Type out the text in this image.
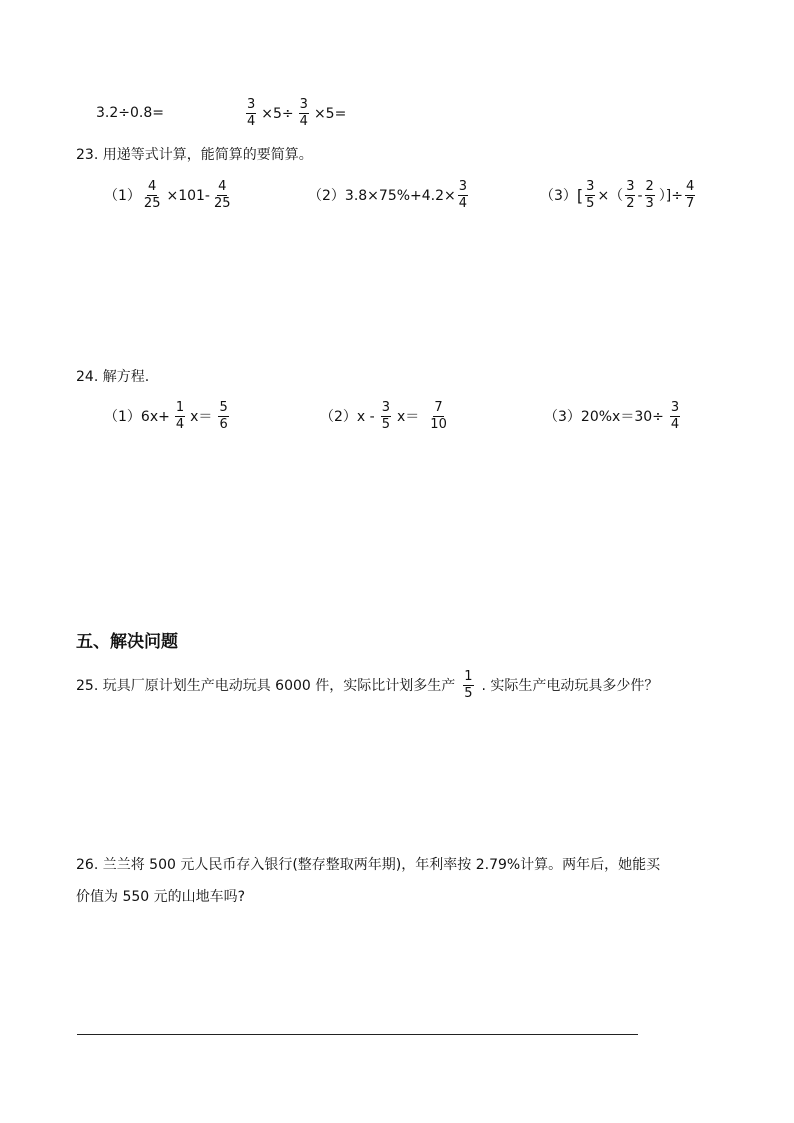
3.2÷0.8=	$\frac{3}{4} \times 5\div \frac{3}{4} \times 5=$
23. 用递等式计算，能简算的要简算。
$(1) \frac{4}{25} \times 101- \frac{4}{25}$	（2） $3.8\times 75\%+4.2\times \frac{3}{4}$	（3） [ $\frac{3}{5}$ ×（ $\frac{3}{2} - \frac{2}{3}$ ）]÷ $\frac{4}{7}$
24. 解方程.
（1） $6x+ \frac{1}{4} x= \frac{5}{6}$	（2） $x - \frac{3}{5} x= \frac{7}{10}$	（3） $20\%x=30\div \frac{3}{4}$
五、解决问题
25. 玩具厂原计划生产电动玩具 6000 件，实际比计划多生产 $\frac{1}{5}$ . 实际生产电动玩具多少件？
26. 兰兰将 500 元人民币存入银行(整存整取两年期)，年利率按 2.79%计算。两年后，她能买
价值为 550 元的山地车吗?
